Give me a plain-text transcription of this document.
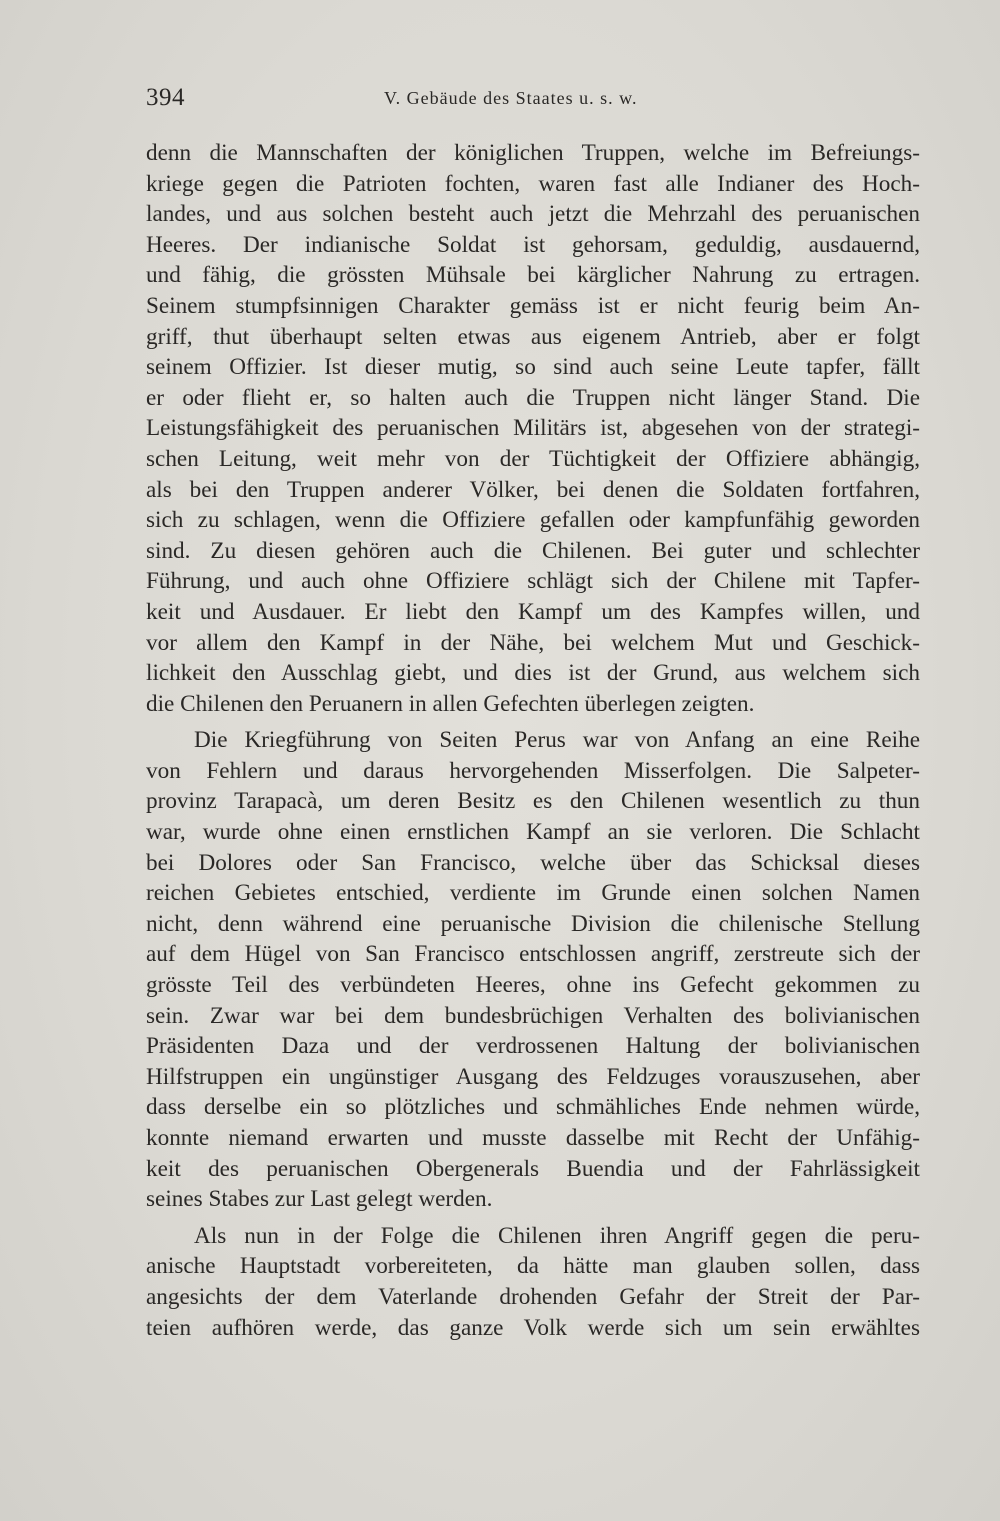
394	V. Gebäude des Staates u. s. w.

denn die Mannschaften der königlichen Truppen, welche im Befreiungs-
kriege gegen die Patrioten fochten, waren fast alle Indianer des Hoch-
landes, und aus solchen besteht auch jetzt die Mehrzahl des peruanischen
Heeres. Der indianische Soldat ist gehorsam, geduldig, ausdauernd,
und fähig, die grössten Mühsale bei kärglicher Nahrung zu ertragen.
Seinem stumpfsinnigen Charakter gemäss ist er nicht feurig beim An-
griff, thut überhaupt selten etwas aus eigenem Antrieb, aber er folgt
seinem Offizier. Ist dieser mutig, so sind auch seine Leute tapfer, fällt
er oder flieht er, so halten auch die Truppen nicht länger Stand. Die
Leistungsfähigkeit des peruanischen Militärs ist, abgesehen von der strategi-
schen Leitung, weit mehr von der Tüchtigkeit der Offiziere abhängig,
als bei den Truppen anderer Völker, bei denen die Soldaten fortfahren,
sich zu schlagen, wenn die Offiziere gefallen oder kampfunfähig geworden
sind. Zu diesen gehören auch die Chilenen. Bei guter und schlechter
Führung, und auch ohne Offiziere schlägt sich der Chilene mit Tapfer-
keit und Ausdauer. Er liebt den Kampf um des Kampfes willen, und
vor allem den Kampf in der Nähe, bei welchem Mut und Geschick-
lichkeit den Ausschlag giebt, und dies ist der Grund, aus welchem sich
die Chilenen den Peruanern in allen Gefechten überlegen zeigten.

Die Kriegführung von Seiten Perus war von Anfang an eine Reihe
von Fehlern und daraus hervorgehenden Misserfolgen. Die Salpeter-
provinz Tarapacà, um deren Besitz es den Chilenen wesentlich zu thun
war, wurde ohne einen ernstlichen Kampf an sie verloren. Die Schlacht
bei Dolores oder San Francisco, welche über das Schicksal dieses
reichen Gebietes entschied, verdiente im Grunde einen solchen Namen
nicht, denn während eine peruanische Division die chilenische Stellung
auf dem Hügel von San Francisco entschlossen angriff, zerstreute sich der
grösste Teil des verbündeten Heeres, ohne ins Gefecht gekommen zu
sein. Zwar war bei dem bundesbrüchigen Verhalten des bolivianischen
Präsidenten Daza und der verdrossenen Haltung der bolivianischen
Hilfstruppen ein ungünstiger Ausgang des Feldzuges vorauszusehen, aber
dass derselbe ein so plötzliches und schmähliches Ende nehmen würde,
konnte niemand erwarten und musste dasselbe mit Recht der Unfähig-
keit des peruanischen Obergenerals Buendia und der Fahrlässigkeit
seines Stabes zur Last gelegt werden.

Als nun in der Folge die Chilenen ihren Angriff gegen die peru-
anische Hauptstadt vorbereiteten, da hätte man glauben sollen, dass
angesichts der dem Vaterlande drohenden Gefahr der Streit der Par-
teien aufhören werde, das ganze Volk werde sich um sein erwähltes
